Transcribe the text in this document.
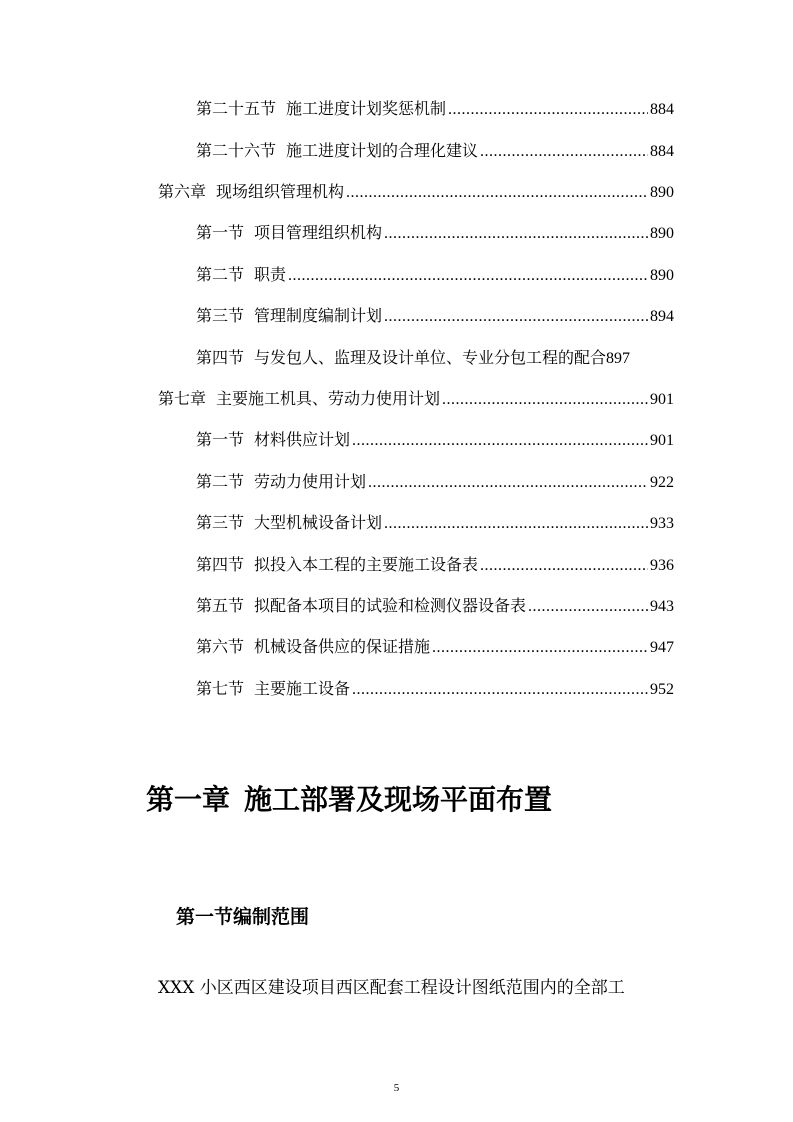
第二十五节 施工进度计划奖惩机制 .....	884
第二十六节 施工进度计划的合理化建议 .....	884
第六章 现场组织管理机构 .....	890
第一节 项目管理组织机构 .....	890
第二节 职责 .....	890
第三节 管理制度编制计划 .....	894
第四节 与发包人、监理及设计单位、专业分包工程的配合 897
第七章 主要施工机具、劳动力使用计划 .....	901
第一节 材料供应计划 .....	901
第二节 劳动力使用计划 .....	922
第三节 大型机械设备计划 .....	933
第四节 拟投入本工程的主要施工设备表 .....	936
第五节 拟配备本项目的试验和检测仪器设备表 .....	943
第六节 机械设备供应的保证措施 .....	947
第七节 主要施工设备 .....	952
第一章 施工部署及现场平面布置
第一节编制范围
XXX 小区西区建设项目西区配套工程设计图纸范围内的全部工
5
